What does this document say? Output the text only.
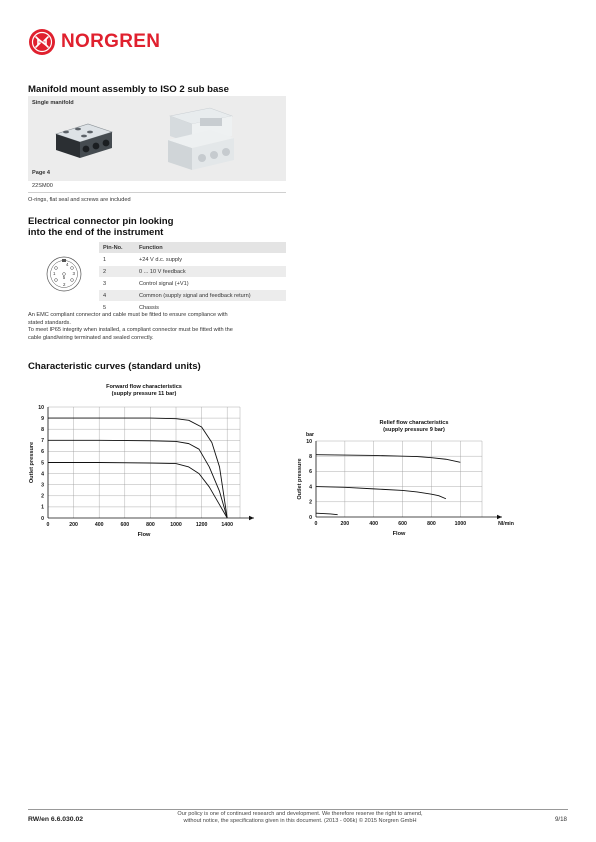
NORGREN
Manifold mount assembly to ISO 2 sub base
Single manifold
Page 4
22SM00
O-rings, flat seal and screws are included
Electrical connector pin looking
into the end of the instrument
1
2
3
4
5
Pin-No.	Function
1	+24 V d.c. supply
2	0 ... 10 V feedback
3	Control signal (+V1)
4	Common (supply signal and feedback return)
5	Chassis
An EMC compliant connector and cable must be fitted to ensure compliance with
stated standards.
To meet IP65 integrity when installed, a compliant connector must be fitted with the
cable gland/wiring terminated and sealed correctly.
Characteristic curves (standard units)
Forward flow characteristics
(supply pressure 11 bar)
0	200	400	600	800	1000	1200	1400
0
1
2
3
4
5
6
7
8
9
10
Flow
Outlet pressure
Relief flow characteristics
(supply pressure 9 bar)
0	200	400	600	800	1000
0
2
4
6
8
10
Flow
Outlet pressure
Nl/min
bar
RW/en 6.6.030.02
Our policy is one of continued research and development. We therefore reserve the right to amend,
without notice, the specifications given in this document. (2013 - 006k) © 2015 Norgren GmbH	9/18
